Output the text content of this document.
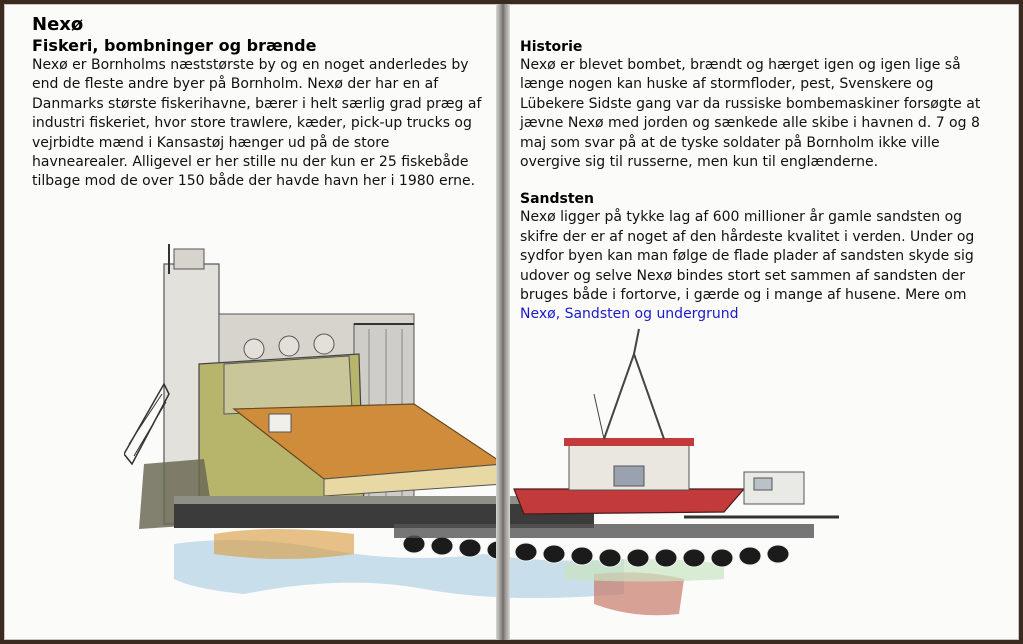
Nexø
Fiskeri, bombninger og brænde

Nexø er Bornholms næststørste by og en noget anderledes by end de fleste andre byer på Bornholm. Nexø der har en af Danmarks største fiskerihavne, bærer i helt særlig grad præg af industri fiskeriet, hvor store trawlere, kæder, pick-up trucks og vejrbidte mænd i Kansastøj hænger ud på de store havnearealer. Alligevel er her stille nu der kun er 25 fiskebåde tilbage mod de over 150 både der havde havn her i 1980 erne.

Historie

Nexø er blevet bombet, brændt og hærget igen og igen lige så længe nogen kan huske af stormfloder, pest, Svenskere og Lübekere Sidste gang var da russiske bombemaskiner forsøgte at jævne Nexø med jorden og sænkede alle skibe i havnen d. 7 og 8 maj som svar på at de tyske soldater på Bornholm ikke ville overgive sig til russerne, men kun til englænderne.

Sandsten

Nexø ligger på tykke lag af 600 millioner år gamle sandsten og skifre der er af noget af den hårdeste kvalitet i verden. Under og sydfor byen kan man følge de flade plader af sandsten skyde sig udover og selve Nexø bindes stort set sammen af sandsten der bruges både i fortorve, i gærde og i mange af husene. Mere om Nexø, Sandsten og undergrund
